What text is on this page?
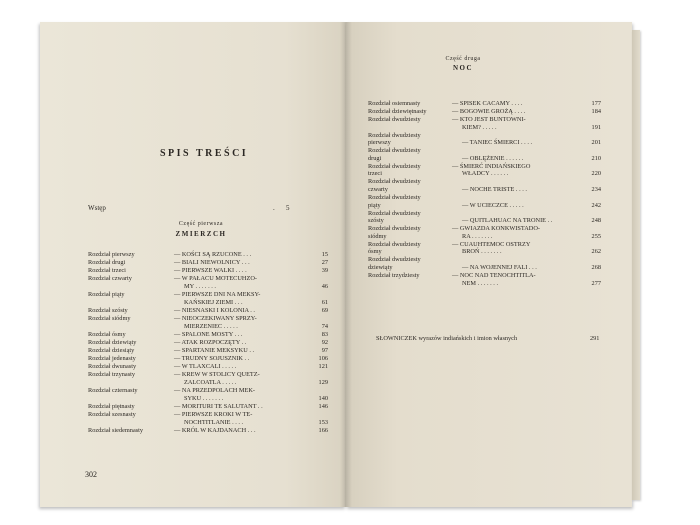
SPIS TREŚCI
Wstęp	. 5
Część pierwsza
ZMIERZCH
Rozdział pierwszy	— KOŚCI SĄ RZUCONE . . .	15
Rozdział drugi	— BIALI NIEWOLNICY . . .	27
Rozdział trzeci	— PIERWSZE WALKI . . . .	39
Rozdział czwarty	— W PAŁACU MOTECUHZO-
MY . . . . . . .	46
Rozdział piąty	— PIERWSZE DNI NA MEKSY-
KAŃSKIEJ ZIEMI . . .	61
Rozdział szósty	— NIESNASKI I KOLONIA . .	69
Rozdział siódmy	— NIEOCZEKIWANY SPRZY-
MIERZENIEC . . . . .	74
Rozdział ósmy	— SPALONE MOSTY . . .	83
Rozdział dziewiąty	— ATAK ROZPOCZĘTY . .	92
Rozdział dziesiąty	— SPARTANIE MEKSYKU . .	97
Rozdział jedenasty	— TRUDNY SOJUSZNIK . .	106
Rozdział dwunasty	— W TLAXCALI . . . . .	121
Rozdział trzynasty	— KREW W STOLICY QUETZ-
ZALCOATLA . . . . .	129
Rozdział czternasty	— NA PRZEDPOLACH MEK-
SYKU . . . . . . .	140
Rozdział piętnasty	— MORITURI TE SALUTANT . .	146
Rozdział szesnasty	— PIERWSZE KROKI W TE-
NOCHTITLANIE . . . .	153
Rozdział siedemnasty	— KRÓL W KAJDANACH . . .	166
302
Część druga
NOC
Rozdział osiemnasty	— SPISEK CACAMY . . . .	177
Rozdział dziewiętnasty	— BOGOWIE GROŻĄ . . . .	184
Rozdział dwudziesty	— KTO JEST BUNTOWNI-
KIEM? . . . . .	191
Rozdział dwudziesty
pierwszy	— TANIEC ŚMIERCI . . . .	201
Rozdział dwudziesty
drugi	— OBLĘŻENIE . . . . . .	210
Rozdział dwudziesty
trzeci
— ŚMIERĆ INDIAŃSKIEGO
WŁADCY . . . . . .	220
Rozdział dwudziesty
czwarty	— NOCHE TRISTE . . . .	234
Rozdział dwudziesty
piąty	— W UCIECZCE . . . . .	242
Rozdział dwudziesty
szósty	— QUITLAHUAC NA TRONIE . .	248
Rozdział dwudziesty
siódmy
— GWIAZDA KONKWISTADO-
RA . . . . . . .	255
Rozdział dwudziesty
ósmy
— CUAUHTEMOC OSTRZY
BROŃ . . . . . . .	262
Rozdział dwudziesty
dziewiąty	— NA WOJENNEJ FALI . . .	268
Rozdział trzydziesty	— NOC NAD TENOCHTITLA-
NEM . . . . . . .	277
SŁOWNICZEK wyrazów indiańskich i imion własnych	291
